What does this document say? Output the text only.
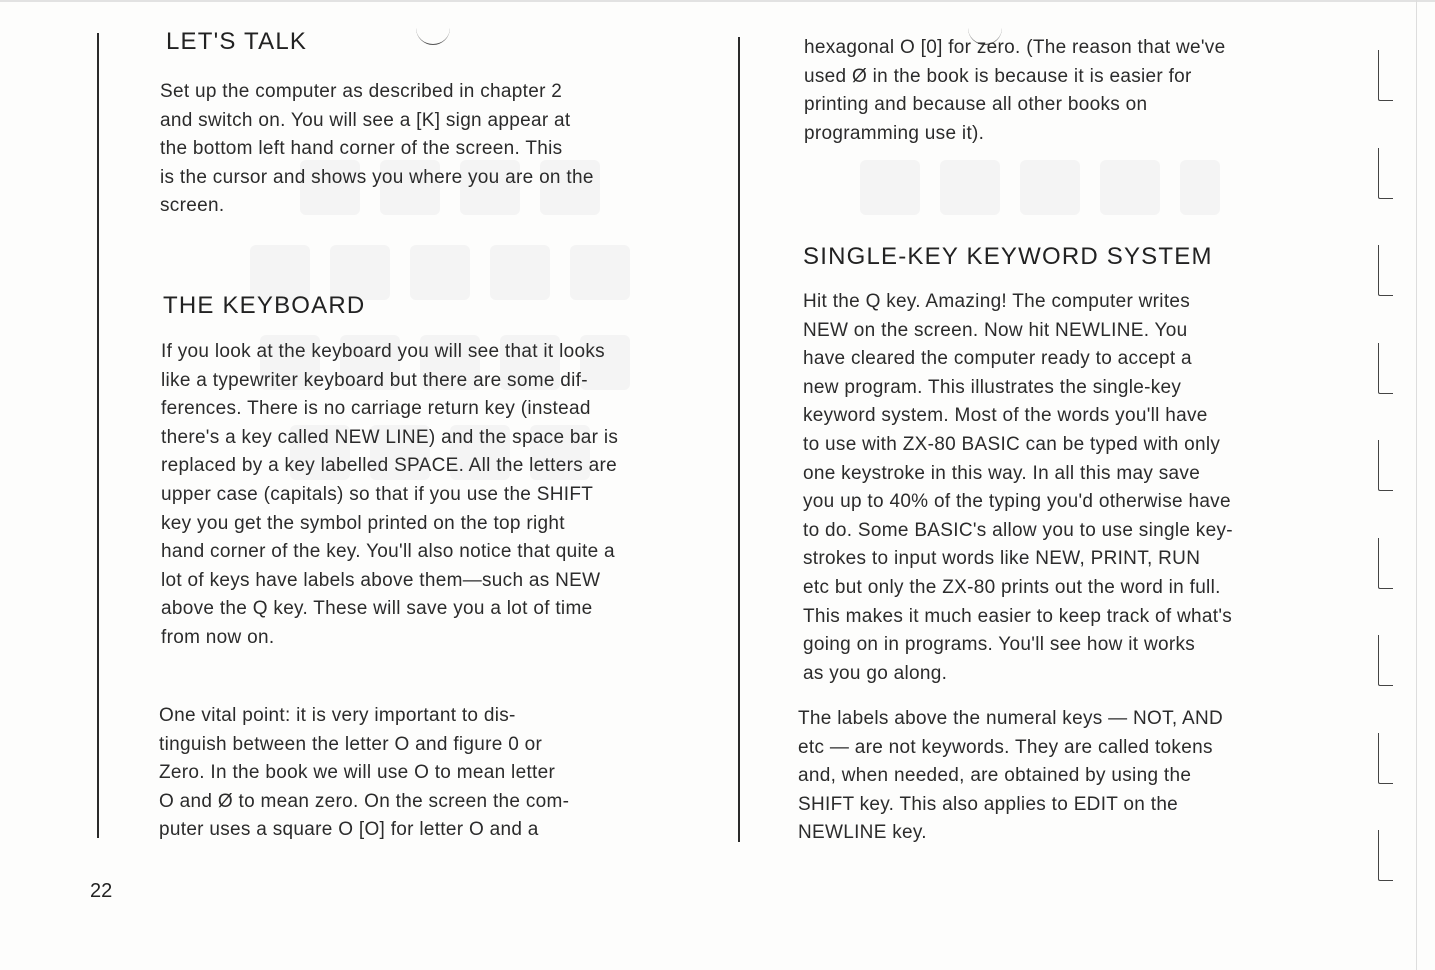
LET'S TALK

Set up the computer as described in chapter 2
and switch on. You will see a [K] sign appear at
the bottom left hand corner of the screen. This
is the cursor and shows you where you are on the
screen.

THE KEYBOARD

If you look at the keyboard you will see that it looks
like a typewriter keyboard but there are some dif-
ferences. There is no carriage return key (instead
there's a key called NEW LINE) and the space bar is
replaced by a key labelled SPACE. All the letters are
upper case (capitals) so that if you use the SHIFT
key you get the symbol printed on the top right
hand corner of the key. You'll also notice that quite a
lot of keys have labels above them—such as NEW
above the Q key. These will save you a lot of time
from now on.

One vital point: it is very important to dis-
tinguish between the letter O and figure 0 or
Zero. In the book we will use O to mean letter
O and Ø to mean zero. On the screen the com-
puter uses a square O [O] for letter O and a

22

hexagonal O [0] for zero. (The reason that we've
used Ø in the book is because it is easier for
printing and because all other books on
programming use it).

SINGLE-KEY KEYWORD SYSTEM

Hit the Q key. Amazing! The computer writes
NEW on the screen. Now hit NEWLINE. You
have cleared the computer ready to accept a
new program. This illustrates the single-key
keyword system. Most of the words you'll have
to use with ZX-80 BASIC can be typed with only
one keystroke in this way. In all this may save
you up to 40% of the typing you'd otherwise have
to do. Some BASIC's allow you to use single key-
strokes to input words like NEW, PRINT, RUN
etc but only the ZX-80 prints out the word in full.
This makes it much easier to keep track of what's
going on in programs. You'll see how it works
as you go along.

The labels above the numeral keys — NOT, AND
etc — are not keywords. They are called tokens
and, when needed, are obtained by using the
SHIFT key. This also applies to EDIT on the
NEWLINE key.
